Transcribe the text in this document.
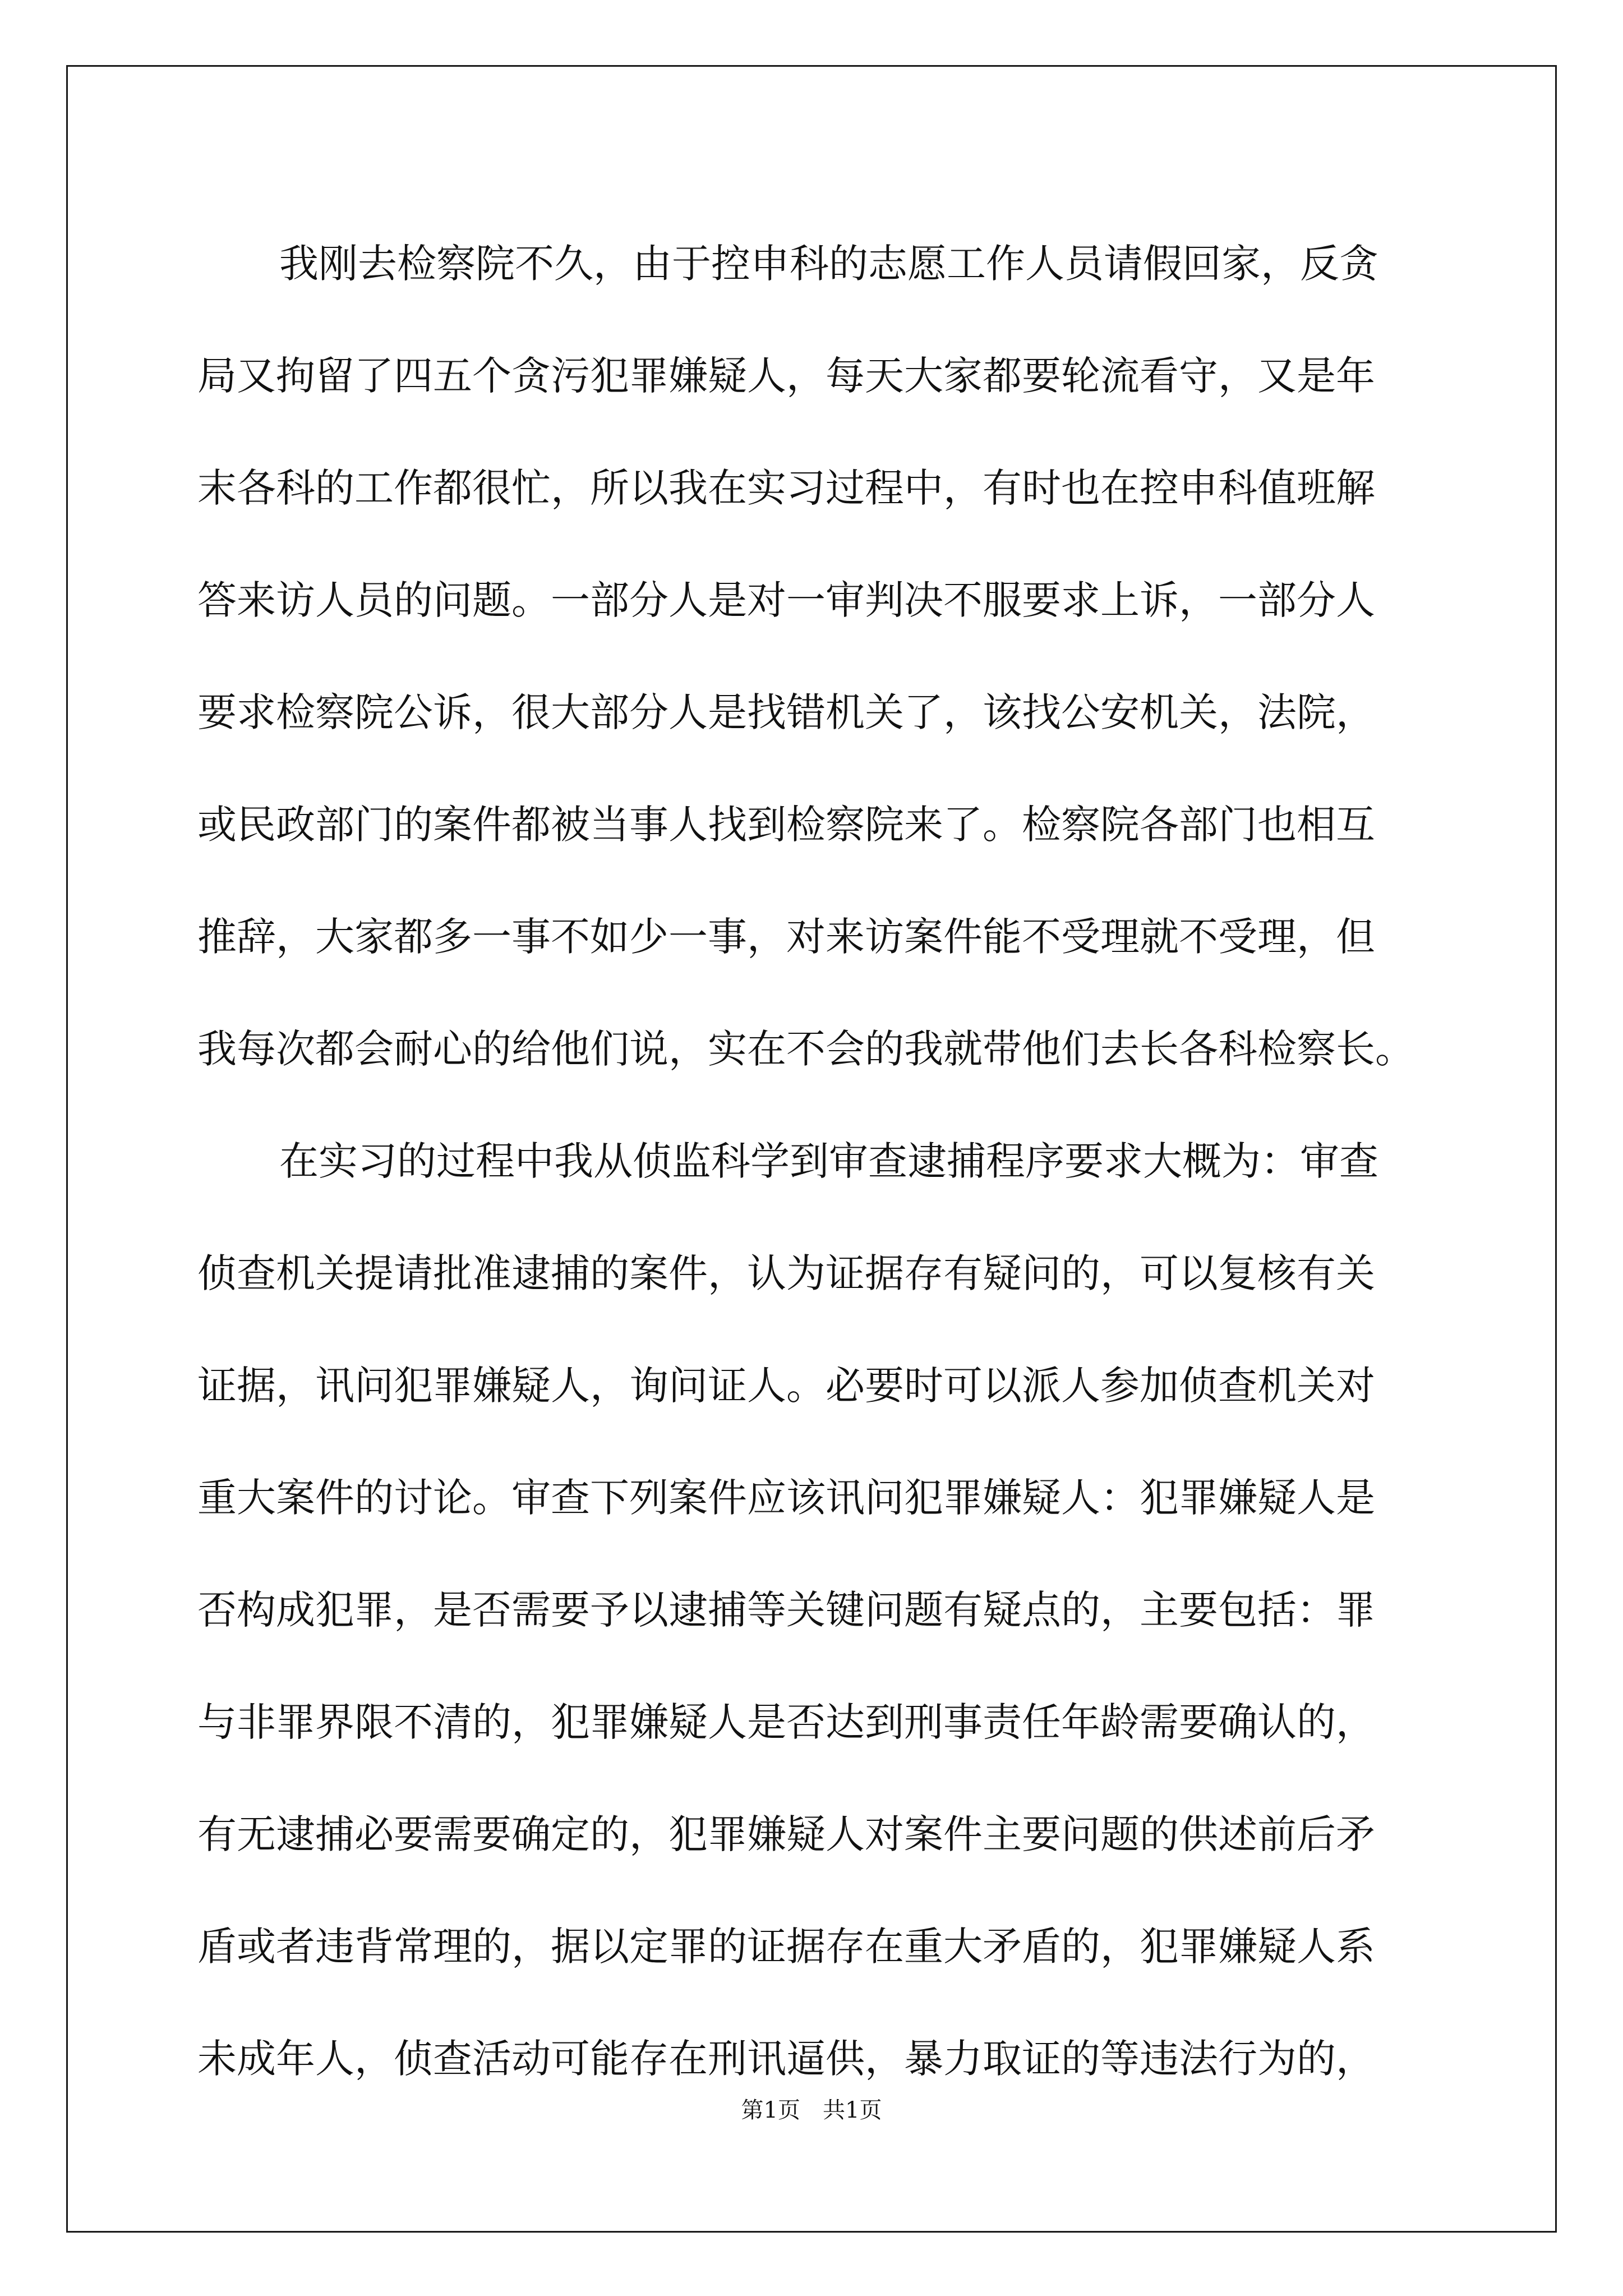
我刚去检察院不久，由于控申科的志愿工作人员请假回家，反贪
局又拘留了四五个贪污犯罪嫌疑人，每天大家都要轮流看守，又是年
末各科的工作都很忙，所以我在实习过程中，有时也在控申科值班解
答来访人员的问题。一部分人是对一审判决不服要求上诉，一部分人
要求检察院公诉，很大部分人是找错机关了，该找公安机关，法院，
或民政部门的案件都被当事人找到检察院来了。检察院各部门也相互
推辞，大家都多一事不如少一事，对来访案件能不受理就不受理，但
我每次都会耐心的给他们说，实在不会的我就带他们去长各科检察长。
在实习的过程中我从侦监科学到审查逮捕程序要求大概为：审查
侦查机关提请批准逮捕的案件，认为证据存有疑问的，可以复核有关
证据，讯问犯罪嫌疑人，询问证人。必要时可以派人参加侦查机关对
重大案件的讨论。审查下列案件应该讯问犯罪嫌疑人：犯罪嫌疑人是
否构成犯罪，是否需要予以逮捕等关键问题有疑点的，主要包括：罪
与非罪界限不清的，犯罪嫌疑人是否达到刑事责任年龄需要确认的，
有无逮捕必要需要确定的，犯罪嫌疑人对案件主要问题的供述前后矛
盾或者违背常理的，据以定罪的证据存在重大矛盾的，犯罪嫌疑人系
未成年人，侦查活动可能存在刑讯逼供，暴力取证的等违法行为的，
第1页 共1页
